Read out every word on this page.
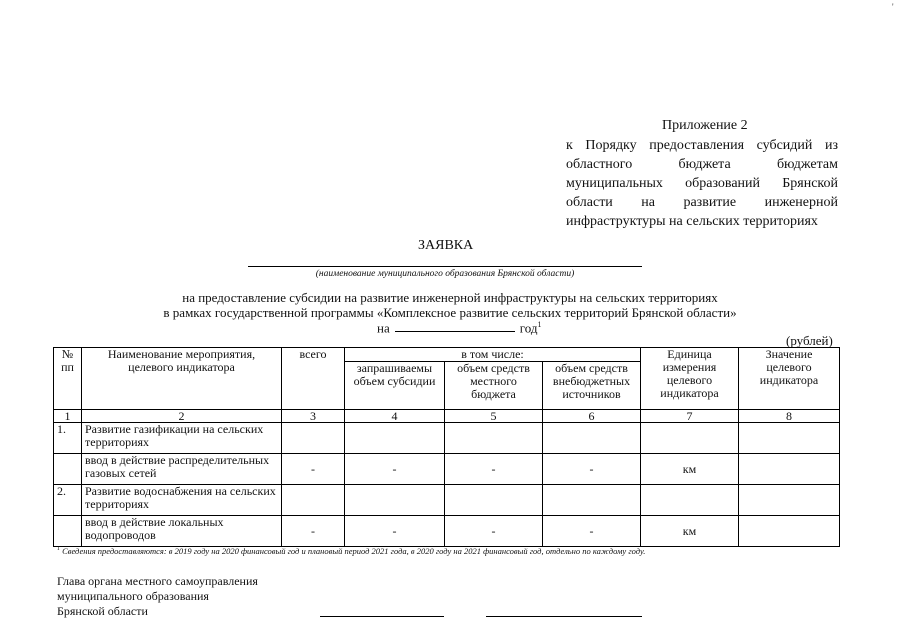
'
Приложение 2
к Порядку предоставления субсидий из областного бюджета бюджетам муниципальных образований Брянской области на развитие инженерной инфраструктуры на сельских территориях
ЗАЯВКА
(наименование муниципального образования Брянской области)
на предоставление субсидии на развитие инженерной инфраструктуры на сельских территориях
в рамках государственной программы «Комплексное развитие сельских территорий Брянской области»
на	год$^1$
(рублей)
№ пп	Наименование мероприятия, целевого индикатора	всего	в том числе:			Единица измерения целевого индикатора	Значение целевого индикатора
			запрашиваемы объем субсидии	объем средств местного бюджета	объем средств внебюджетных источников		
1	2	3	4	5	6	7	8
1.	Развитие газификации на сельских территориях						
	ввод в действие распределительных газовых сетей	-	-	-	-	км	
2.	Развитие водоснабжения на сельских территориях						
	ввод в действие локальных водопроводов	-	-	-	-	км	
$^1$ Сведения предоставляются: в 2019 году на 2020 финансовый год и плановый период 2021 года, в 2020 году на 2021 финансовый год, отдельно по каждому году.
Глава органа местного самоуправления
муниципального образования
Брянской области
